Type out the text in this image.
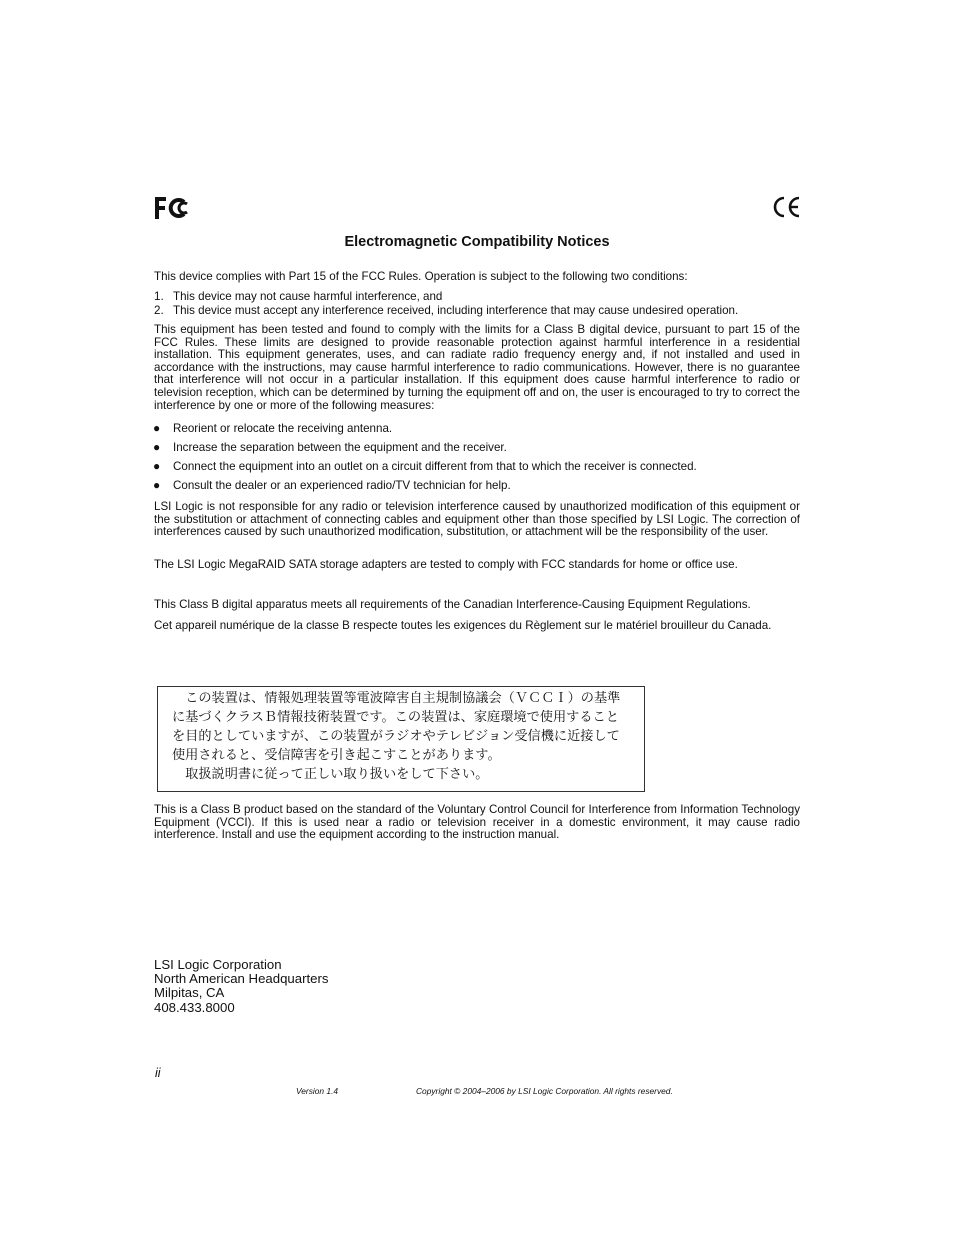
Electromagnetic Compatibility Notices
This device complies with Part 15 of the FCC Rules. Operation is subject to the following two conditions:
1. This device may not cause harmful interference, and
2. This device must accept any interference received, including interference that may cause undesired operation.
This equipment has been tested and found to comply with the limits for a Class B digital device, pursuant to part 15 of the FCC Rules. These limits are designed to provide reasonable protection against harmful interference in a residential installation. This equipment generates, uses, and can radiate radio frequency energy and, if not installed and used in accordance with the instructions, may cause harmful interference to radio communications. However, there is no guarantee that interference will not occur in a particular installation. If this equipment does cause harmful interference to radio or television reception, which can be determined by turning the equipment off and on, the user is encouraged to try to correct the interference by one or more of the following measures:
● Reorient or relocate the receiving antenna.
● Increase the separation between the equipment and the receiver.
● Connect the equipment into an outlet on a circuit different from that to which the receiver is connected.
● Consult the dealer or an experienced radio/TV technician for help.
LSI Logic is not responsible for any radio or television interference caused by unauthorized modification of this equipment or the substitution or attachment of connecting cables and equipment other than those specified by LSI Logic. The correction of interferences caused by such unauthorized modification, substitution, or attachment will be the responsibility of the user.
The LSI Logic MegaRAID SATA storage adapters are tested to comply with FCC standards for home or office use.
This Class B digital apparatus meets all requirements of the Canadian Interference-Causing Equipment Regulations.
Cet appareil numérique de la classe B respecte toutes les exigences du Règlement sur le matériel brouilleur du Canada.
　この装置は、情報処理装置等電波障害自主規制協議会（ＶＣＣＩ）の基準
に基づくクラスＢ情報技術装置です。この装置は、家庭環境で使用すること
を目的としていますが、この装置がラジオやテレビジョン受信機に近接して
使用されると、受信障害を引き起こすことがあります。
　取扱説明書に従って正しい取り扱いをして下さい。
This is a Class B product based on the standard of the Voluntary Control Council for Interference from Information Technology Equipment (VCCI). If this is used near a radio or television receiver in a domestic environment, it may cause radio interference. Install and use the equipment according to the instruction manual.
LSI Logic Corporation
North American Headquarters
Milpitas, CA
408.433.8000
ii
Version 1.4	Copyright © 2004–2006 by LSI Logic Corporation. All rights reserved.
